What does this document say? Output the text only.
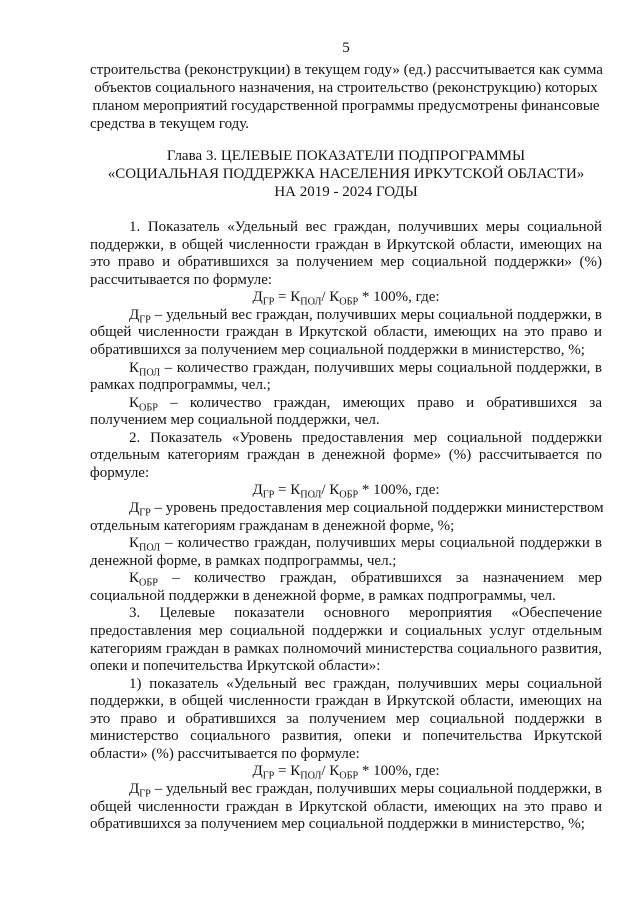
5
строительства (реконструкции) в текущем году» (ед.) рассчитывается как сумма
объектов социального назначения, на строительство (реконструкцию) которых
планом мероприятий государственной программы предусмотрены финансовые
средства в текущем году.
Глава 3. ЦЕЛЕВЫЕ ПОКАЗАТЕЛИ ПОДПРОГРАММЫ
«СОЦИАЛЬНАЯ ПОДДЕРЖКА НАСЕЛЕНИЯ ИРКУТСКОЙ ОБЛАСТИ»
НА 2019 - 2024 ГОДЫ
1. Показатель «Удельный вес граждан, получивших меры социальной
поддержки, в общей численности граждан в Иркутской области, имеющих на
это право и обратившихся за получением мер социальной поддержки» (%)
рассчитывается по формуле:
$Д_{ГР} = К_{ПОЛ}/$ $К_{ОБР} * 100\%$, где:
$Д_{ГР}$ – удельный вес граждан, получивших меры социальной поддержки, в
общей численности граждан в Иркутской области, имеющих на это право и
обратившихся за получением мер социальной поддержки в министерство, %;
$К_{ПОЛ}$ – количество граждан, получивших меры социальной поддержки, в
рамках подпрограммы, чел.;
$К_{ОБР}$ – количество граждан, имеющих право и обратившихся за
получением мер социальной поддержки, чел.
2. Показатель «Уровень предоставления мер социальной поддержки
отдельным категориям граждан в денежной форме» (%) рассчитывается по
формуле:
$Д_{ГР} = К_{ПОЛ}/$ $К_{ОБР} * 100\%$, где:
$Д_{ГР}$ – уровень предоставления мер социальной поддержки министерством
отдельным категориям гражданам в денежной форме, %;
$К_{ПОЛ}$ – количество граждан, получивших меры социальной поддержки в
денежной форме, в рамках подпрограммы, чел.;
$К_{ОБР}$ – количество граждан, обратившихся за назначением мер
социальной поддержки в денежной форме, в рамках подпрограммы, чел.
3. Целевые показатели основного мероприятия «Обеспечение
предоставления мер социальной поддержки и социальных услуг отдельным
категориям граждан в рамках полномочий министерства социального развития,
опеки и попечительства Иркутской области»:
1) показатель «Удельный вес граждан, получивших меры социальной
поддержки, в общей численности граждан в Иркутской области, имеющих на
это право и обратившихся за получением мер социальной поддержки в
министерство социального развития, опеки и попечительства Иркутской
области» (%) рассчитывается по формуле:
$Д_{ГР} = К_{ПОЛ}/$ $К_{ОБР} * 100\%$, где:
$Д_{ГР}$ – удельный вес граждан, получивших меры социальной поддержки, в
общей численности граждан в Иркутской области, имеющих на это право и
обратившихся за получением мер социальной поддержки в министерство, %;
